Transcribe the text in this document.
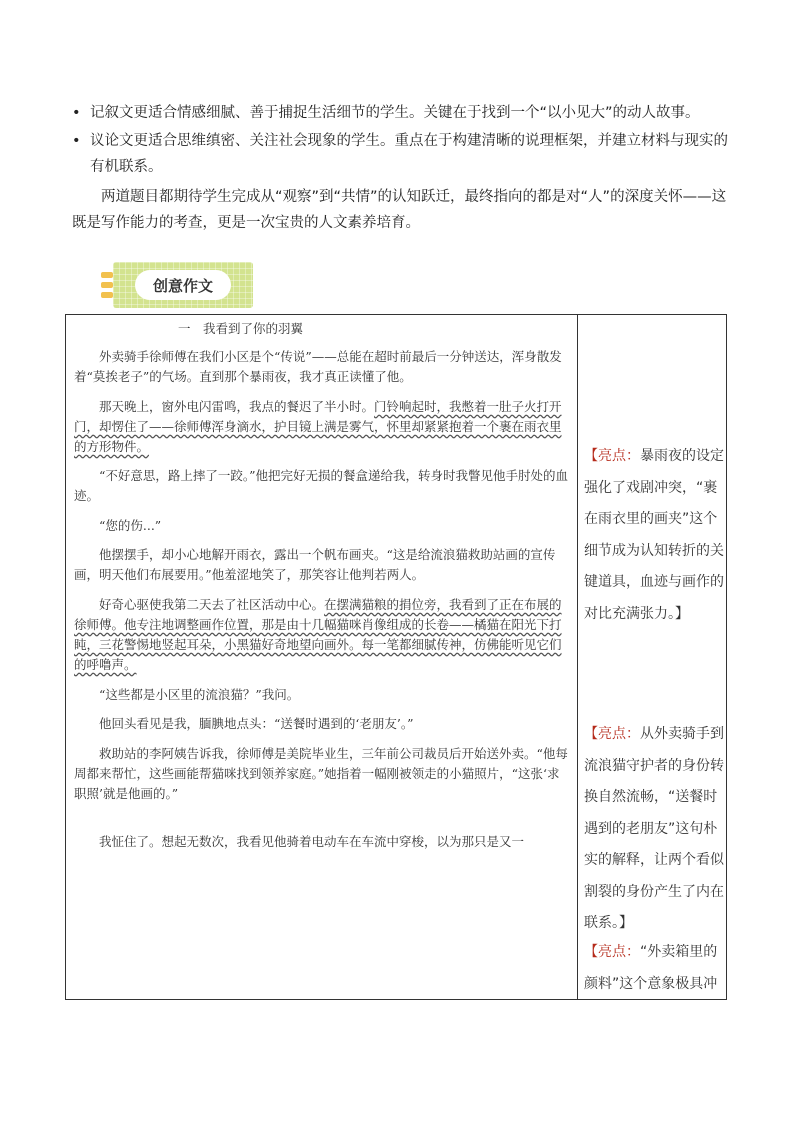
• 记叙文更适合情感细腻、善于捕捉生活细节的学生。关键在于找到一个“以小见大”的动人故事。
• 议论文更适合思维缜密、关注社会现象的学生。重点在于构建清晰的说理框架，并建立材料与现实的有机联系。
两道题目都期待学生完成从“观察”到“共情”的认知跃迁，最终指向的都是对“人”的深度关怀——这既是写作能力的考查，更是一次宝贵的人文素养培育。
创意作文

一　我看到了你的羽翼

外卖骑手徐师傅在我们小区是个“传说”——总能在超时前最后一分钟送达，浑身散发着“莫挨老子”的气场。直到那个暴雨夜，我才真正读懂了他。

那天晚上，窗外电闪雷鸣，我点的餐迟了半小时。门铃响起时，我憋着一肚子火打开门，却愣住了——徐师傅浑身滴水，护目镜上满是雾气，怀里却紧紧抱着一个裹在雨衣里的方形物件。

“不好意思，路上摔了一跤。”他把完好无损的餐盒递给我，转身时我瞥见他手肘处的血迹。

“您的伤...”

他摆摆手，却小心地解开雨衣，露出一个帆布画夹。“这是给流浪猫救助站画的宣传画，明天他们布展要用。”他羞涩地笑了，那笑容让他判若两人。

好奇心驱使我第二天去了社区活动中心。在摆满猫粮的捐位旁，我看到了正在布展的徐师傅。他专注地调整画作位置，那是由十几幅猫咪肖像组成的长卷——橘猫在阳光下打盹，三花警惕地竖起耳朵，小黑猫好奇地望向画外。每一笔都细腻传神，仿佛能听见它们的呼噜声。

“这些都是小区里的流浪猫？”我问。

他回头看见是我，腼腆地点头：“送餐时遇到的‘老朋友’。”

救助站的李阿姨告诉我，徐师傅是美院毕业生，三年前公司裁员后开始送外卖。“他每周都来帮忙，这些画能帮猫咪找到领养家庭。”她指着一幅刚被领走的小猫照片，“这张‘求职照’就是他画的。”

我怔住了。想起无数次，我看见他骑着电动车在车流中穿梭，以为那只是又一

【亮点：暴雨夜的设定强化了戏剧冲突，“裹在雨衣里的画夹”这个细节成为认知转折的关键道具，血迹与画作的对比充满张力。】
【亮点：从外卖骑手到流浪猫守护者的身份转换自然流畅，“送餐时遇到的老朋友”这句朴实的解释，让两个看似割裂的身份产生了内在联系。】
【亮点：“外卖箱里的颜料”这个意象极具冲
